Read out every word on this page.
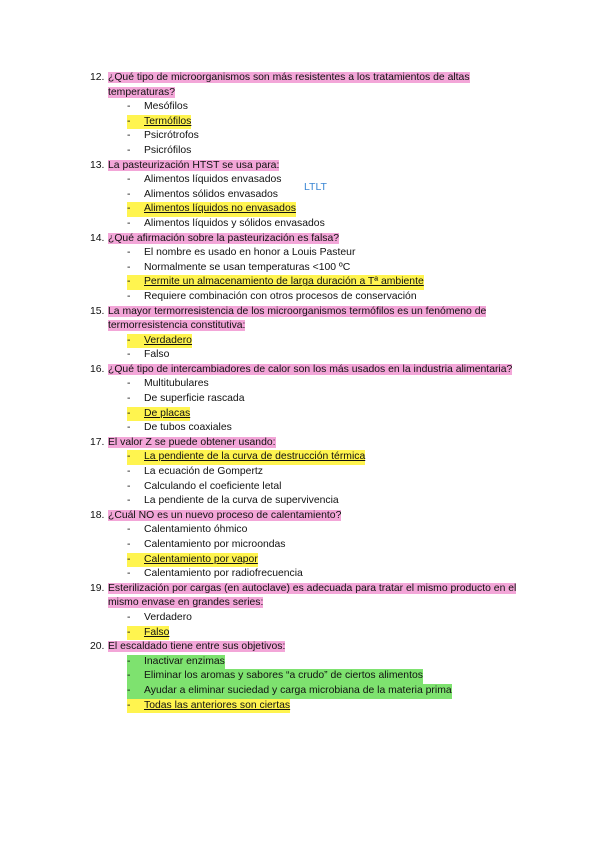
12. ¿Qué tipo de microorganismos son más resistentes a los tratamientos de altas temperaturas?
-	Mesófilos
-	Termófilos
-	Psicrótrofos
-	Psicrófilos
13. La pasteurización HTST se usa para:
-	Alimentos líquidos envasados
-	Alimentos sólidos envasados
-	Alimentos líquidos no envasados
-	Alimentos líquidos y sólidos envasados
14. ¿Qué afirmación sobre la pasteurización es falsa?
-	El nombre es usado en honor a Louis Pasteur
-	Normalmente se usan temperaturas <100 ºC
-	Permite un almacenamiento de larga duración a Tª ambiente
-	Requiere combinación con otros procesos de conservación
15. La mayor termorresistencia de los microorganismos termófilos es un fenómeno de termorresistencia constitutiva:
-	Verdadero
-	Falso
16. ¿Qué tipo de intercambiadores de calor son los más usados en la industria alimentaria?
-	Multitubulares
-	De superficie rascada
-	De placas
-	De tubos coaxiales
17. El valor Z se puede obtener usando:
-	La pendiente de la curva de destrucción térmica
-	La ecuación de Gompertz
-	Calculando el coeficiente letal
-	La pendiente de la curva de supervivencia
18. ¿Cuál NO es un nuevo proceso de calentamiento?
-	Calentamiento óhmico
-	Calentamiento por microondas
-	Calentamiento por vapor
-	Calentamiento por radiofrecuencia
19. Esterilización por cargas (en autoclave) es adecuada para tratar el mismo producto en el mismo envase en grandes series:
-	Verdadero
-	Falso
20. El escaldado tiene entre sus objetivos:
-	Inactivar enzimas
-	Eliminar los aromas y sabores “a crudo” de ciertos alimentos
-	Ayudar a eliminar suciedad y carga microbiana de la materia prima
-	Todas las anteriores son ciertas
LTLT
